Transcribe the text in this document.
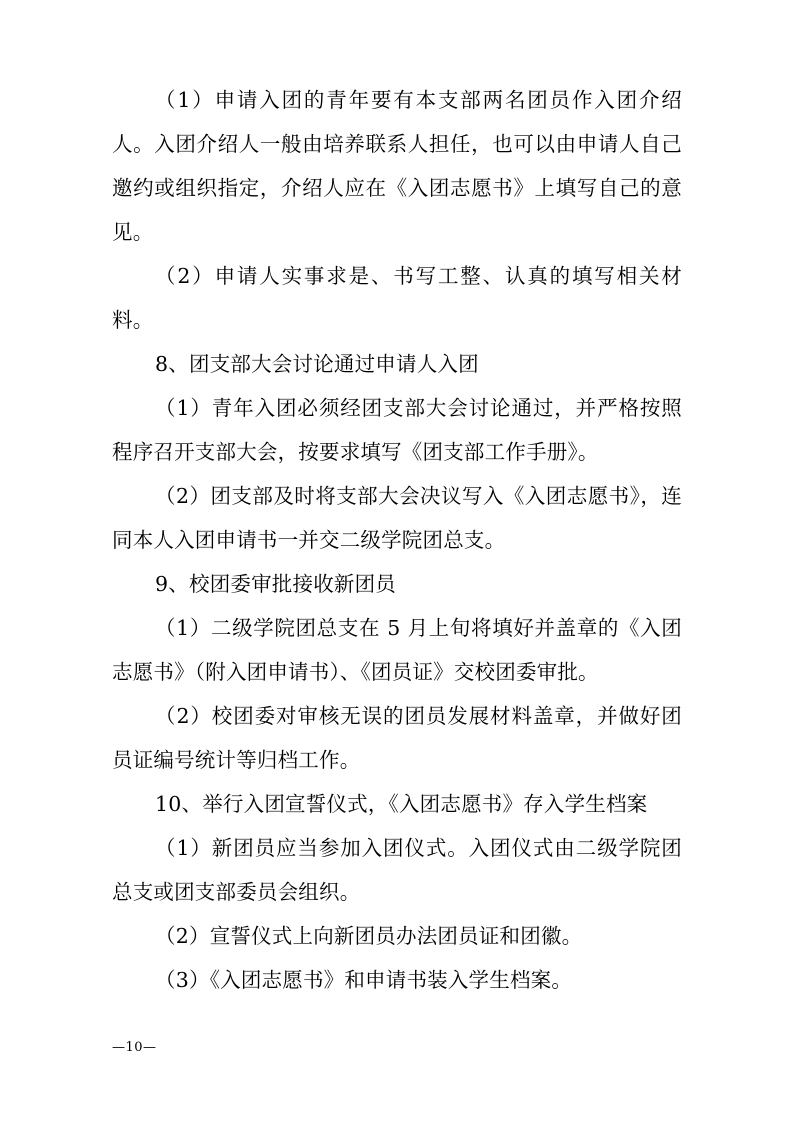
（1）申请入团的青年要有本支部两名团员作入团介绍人。入团介绍人一般由培养联系人担任，也可以由申请人自己邀约或组织指定，介绍人应在《入团志愿书》上填写自己的意见。

（2）申请人实事求是、书写工整、认真的填写相关材料。

8、团支部大会讨论通过申请人入团

（1）青年入团必须经团支部大会讨论通过，并严格按照程序召开支部大会，按要求填写《团支部工作手册》。

（2）团支部及时将支部大会决议写入《入团志愿书》，连同本人入团申请书一并交二级学院团总支。

9、校团委审批接收新团员

（1）二级学院团总支在 5 月上旬将填好并盖章的《入团志愿书》（附入团申请书）、《团员证》交校团委审批。

（2）校团委对审核无误的团员发展材料盖章，并做好团员证编号统计等归档工作。

10、举行入团宣誓仪式，《入团志愿书》存入学生档案

（1）新团员应当参加入团仪式。入团仪式由二级学院团总支或团支部委员会组织。

（2）宣誓仪式上向新团员办法团员证和团徽。

（3）《入团志愿书》和申请书装入学生档案。

—10—
